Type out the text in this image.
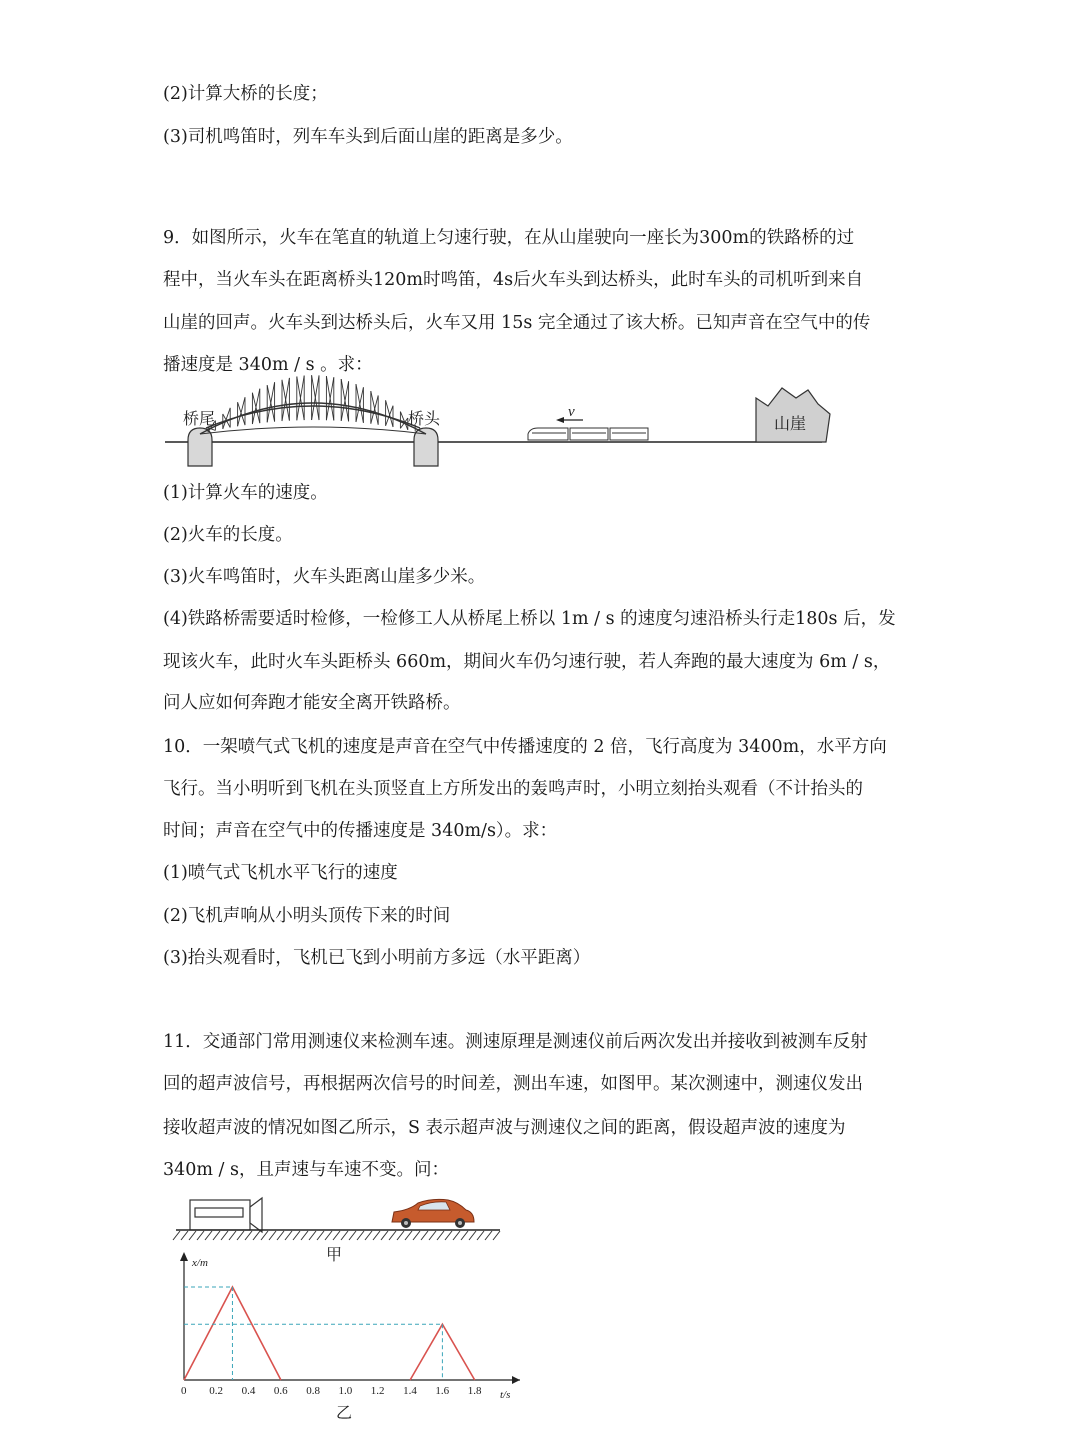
(2)计算大桥的长度；
(3)司机鸣笛时，列车车头到后面山崖的距离是多少。
9．如图所示，火车在笔直的轨道上匀速行驶，在从山崖驶向一座长为300m的铁路桥的过
程中，当火车头在距离桥头120m时鸣笛，4s后火车头到达桥头，此时车头的司机听到来自
山崖的回声。火车头到达桥头后，火车又用 15s 完全通过了该大桥。已知声音在空气中的传
播速度是 340m / s 。求：
桥尾	桥头	v
山崖
(1)计算火车的速度。
(2)火车的长度。
(3)火车鸣笛时，火车头距离山崖多少米。
(4)铁路桥需要适时检修，一检修工人从桥尾上桥以 1m / s 的速度匀速沿桥头行走180s 后，发
现该火车，此时火车头距桥头 660m，期间火车仍匀速行驶，若人奔跑的最大速度为 6m / s，
问人应如何奔跑才能安全离开铁路桥。
10．一架喷气式飞机的速度是声音在空气中传播速度的 2 倍，飞行高度为 3400m，水平方向
飞行。当小明听到飞机在头顶竖直上方所发出的轰鸣声时，小明立刻抬头观看（不计抬头的
时间；声音在空气中的传播速度是 340m/s）。求：
(1)喷气式飞机水平飞行的速度
(2)飞机声响从小明头顶传下来的时间
(3)抬头观看时，飞机已飞到小明前方多远（水平距离）
11．交通部门常用测速仪来检测车速。测速原理是测速仪前后两次发出并接收到被测车反射
回的超声波信号，再根据两次信号的时间差，测出车速，如图甲。某次测速中，测速仪发出
接收超声波的情况如图乙所示，S 表示超声波与测速仪之间的距离，假设超声波的速度为
340m / s，且声速与车速不变。问：
甲
x/m
t/s
0 0.2 0.4 0.6 0.8 1.0 1.2 1.4 1.6 1.8
乙
